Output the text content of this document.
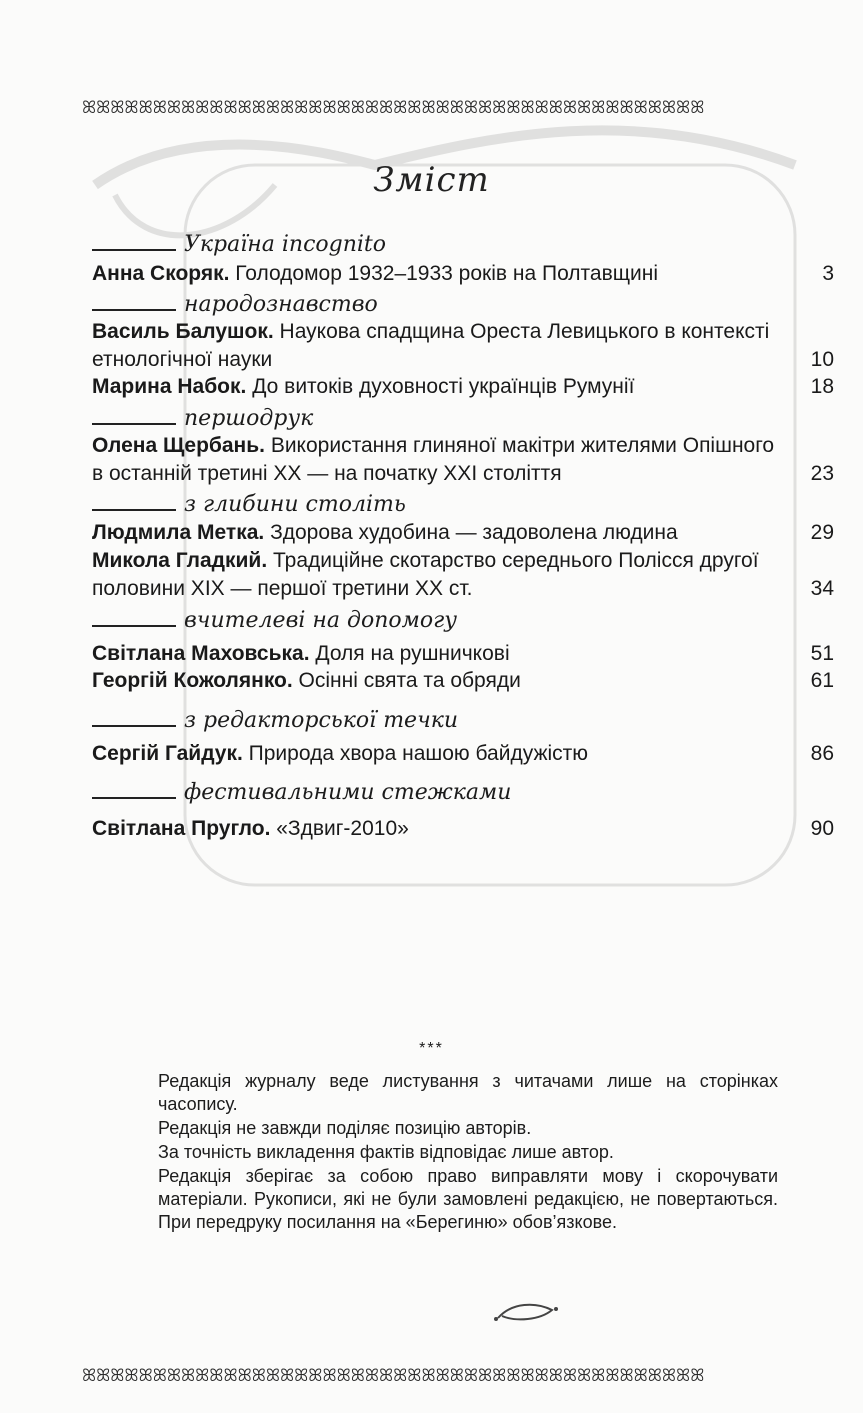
ꕤꕤꕤꕤꕤꕤꕤꕤꕤꕤꕤꕤꕤꕤꕤꕤꕤꕤꕤꕤꕤꕤꕤꕤꕤꕤꕤꕤꕤꕤꕤꕤꕤꕤꕤꕤꕤꕤꕤꕤꕤꕤꕤꕤ
Зміст
Україна incognito
Анна Скоряк. Голодомор 1932–1933 років на Полтавщині	3
народознавство
Василь Балушок. Наукова спадщина Ореста Левицького в контексті етнологічної науки	10
Марина Набок. До витоків духовності українців Румунії	18
першодрук
Олена Щербань. Використання глиняної макітри жителями Опішного в останній третині ХХ — на початку ХХІ століття	23
з глибини століть
Людмила Метка. Здорова худобина — задоволена людина	29
Микола Гладкий. Традиційне скотарство середнього Полісся другої половини ХІХ — першої третини ХХ ст.	34
вчителеві на допомогу
Світлана Маховська. Доля на рушничкові	51
Георгій Кожолянко. Осінні свята та обряди	61
з редакторської течки
Сергій Гайдук. Природа хвора нашою байдужістю	86
фестивальними стежками
Світлана Пругло. «Здвиг-2010»	90
***

Редакція журналу веде листування з читачами лише на сторінках часопису.

Редакція не завжди поділяє позицію авторів.

За точність викладення фактів відповідає лише автор.

Редакція зберігає за собою право виправляти мову і скорочувати матеріали. Рукописи, які не були замовлені редакцією, не повертаються. При передруку посилання на «Берегиню» обов’язкове.

ꕤꕤꕤꕤꕤꕤꕤꕤꕤꕤꕤꕤꕤꕤꕤꕤꕤꕤꕤꕤꕤꕤꕤꕤꕤꕤꕤꕤꕤꕤꕤꕤꕤꕤꕤꕤꕤꕤꕤꕤꕤꕤꕤꕤ
